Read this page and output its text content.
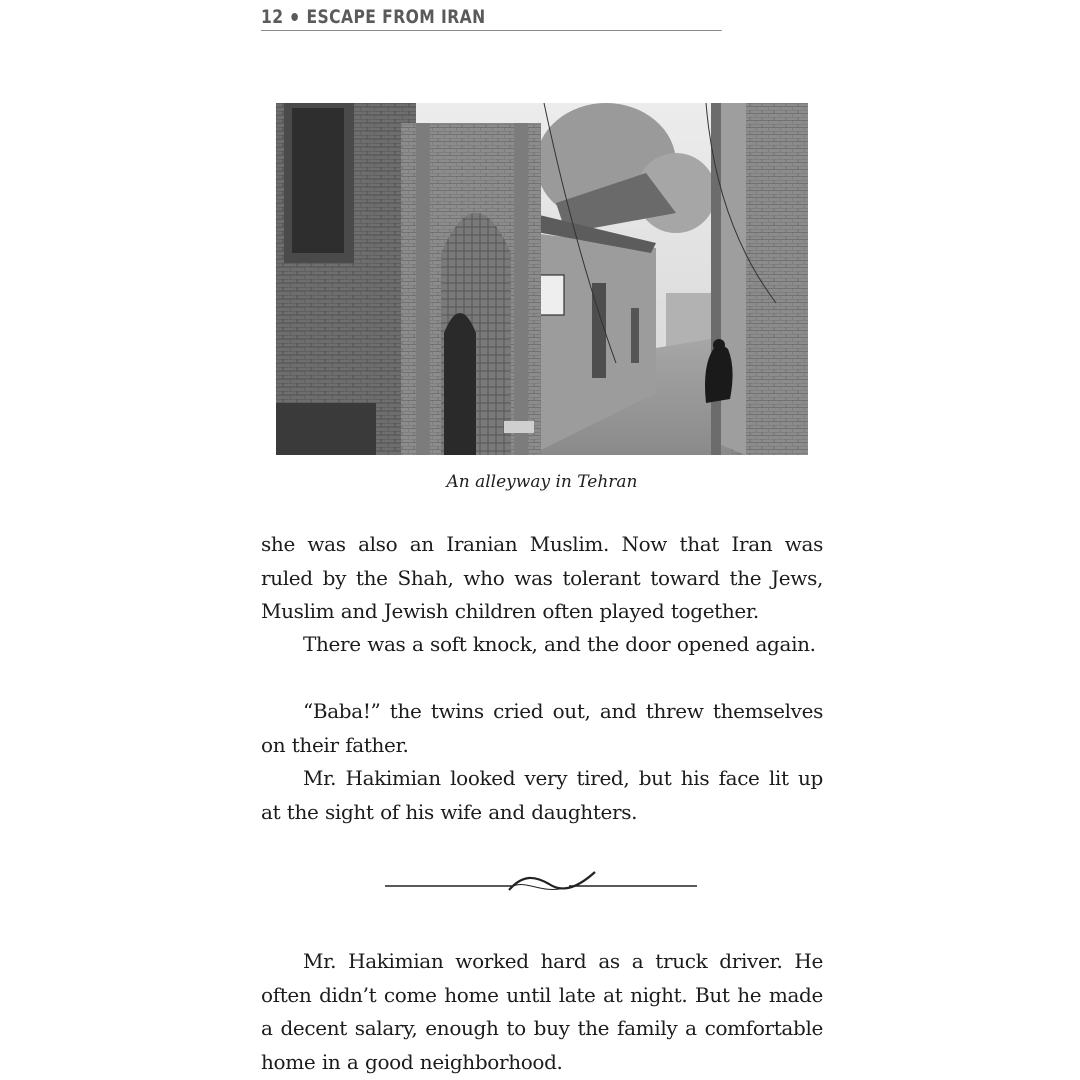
12 ESCAPE FROM IRAN
An alleyway in Tehran

she was also an Iranian Muslim. Now that Iran was ruled by the Shah, who was tolerant toward the Jews, Muslim and Jewish children often played together.

There was a soft knock, and the door opened again.

“Baba!” the twins cried out, and threw themselves on their father.

Mr. Hakimian looked very tired, but his face lit up at the sight of his wife and daughters.

Mr. Hakimian worked hard as a truck driver. He often didn’t come home until late at night. But he made a decent salary, enough to buy the family a comfortable home in a good neighborhood.
